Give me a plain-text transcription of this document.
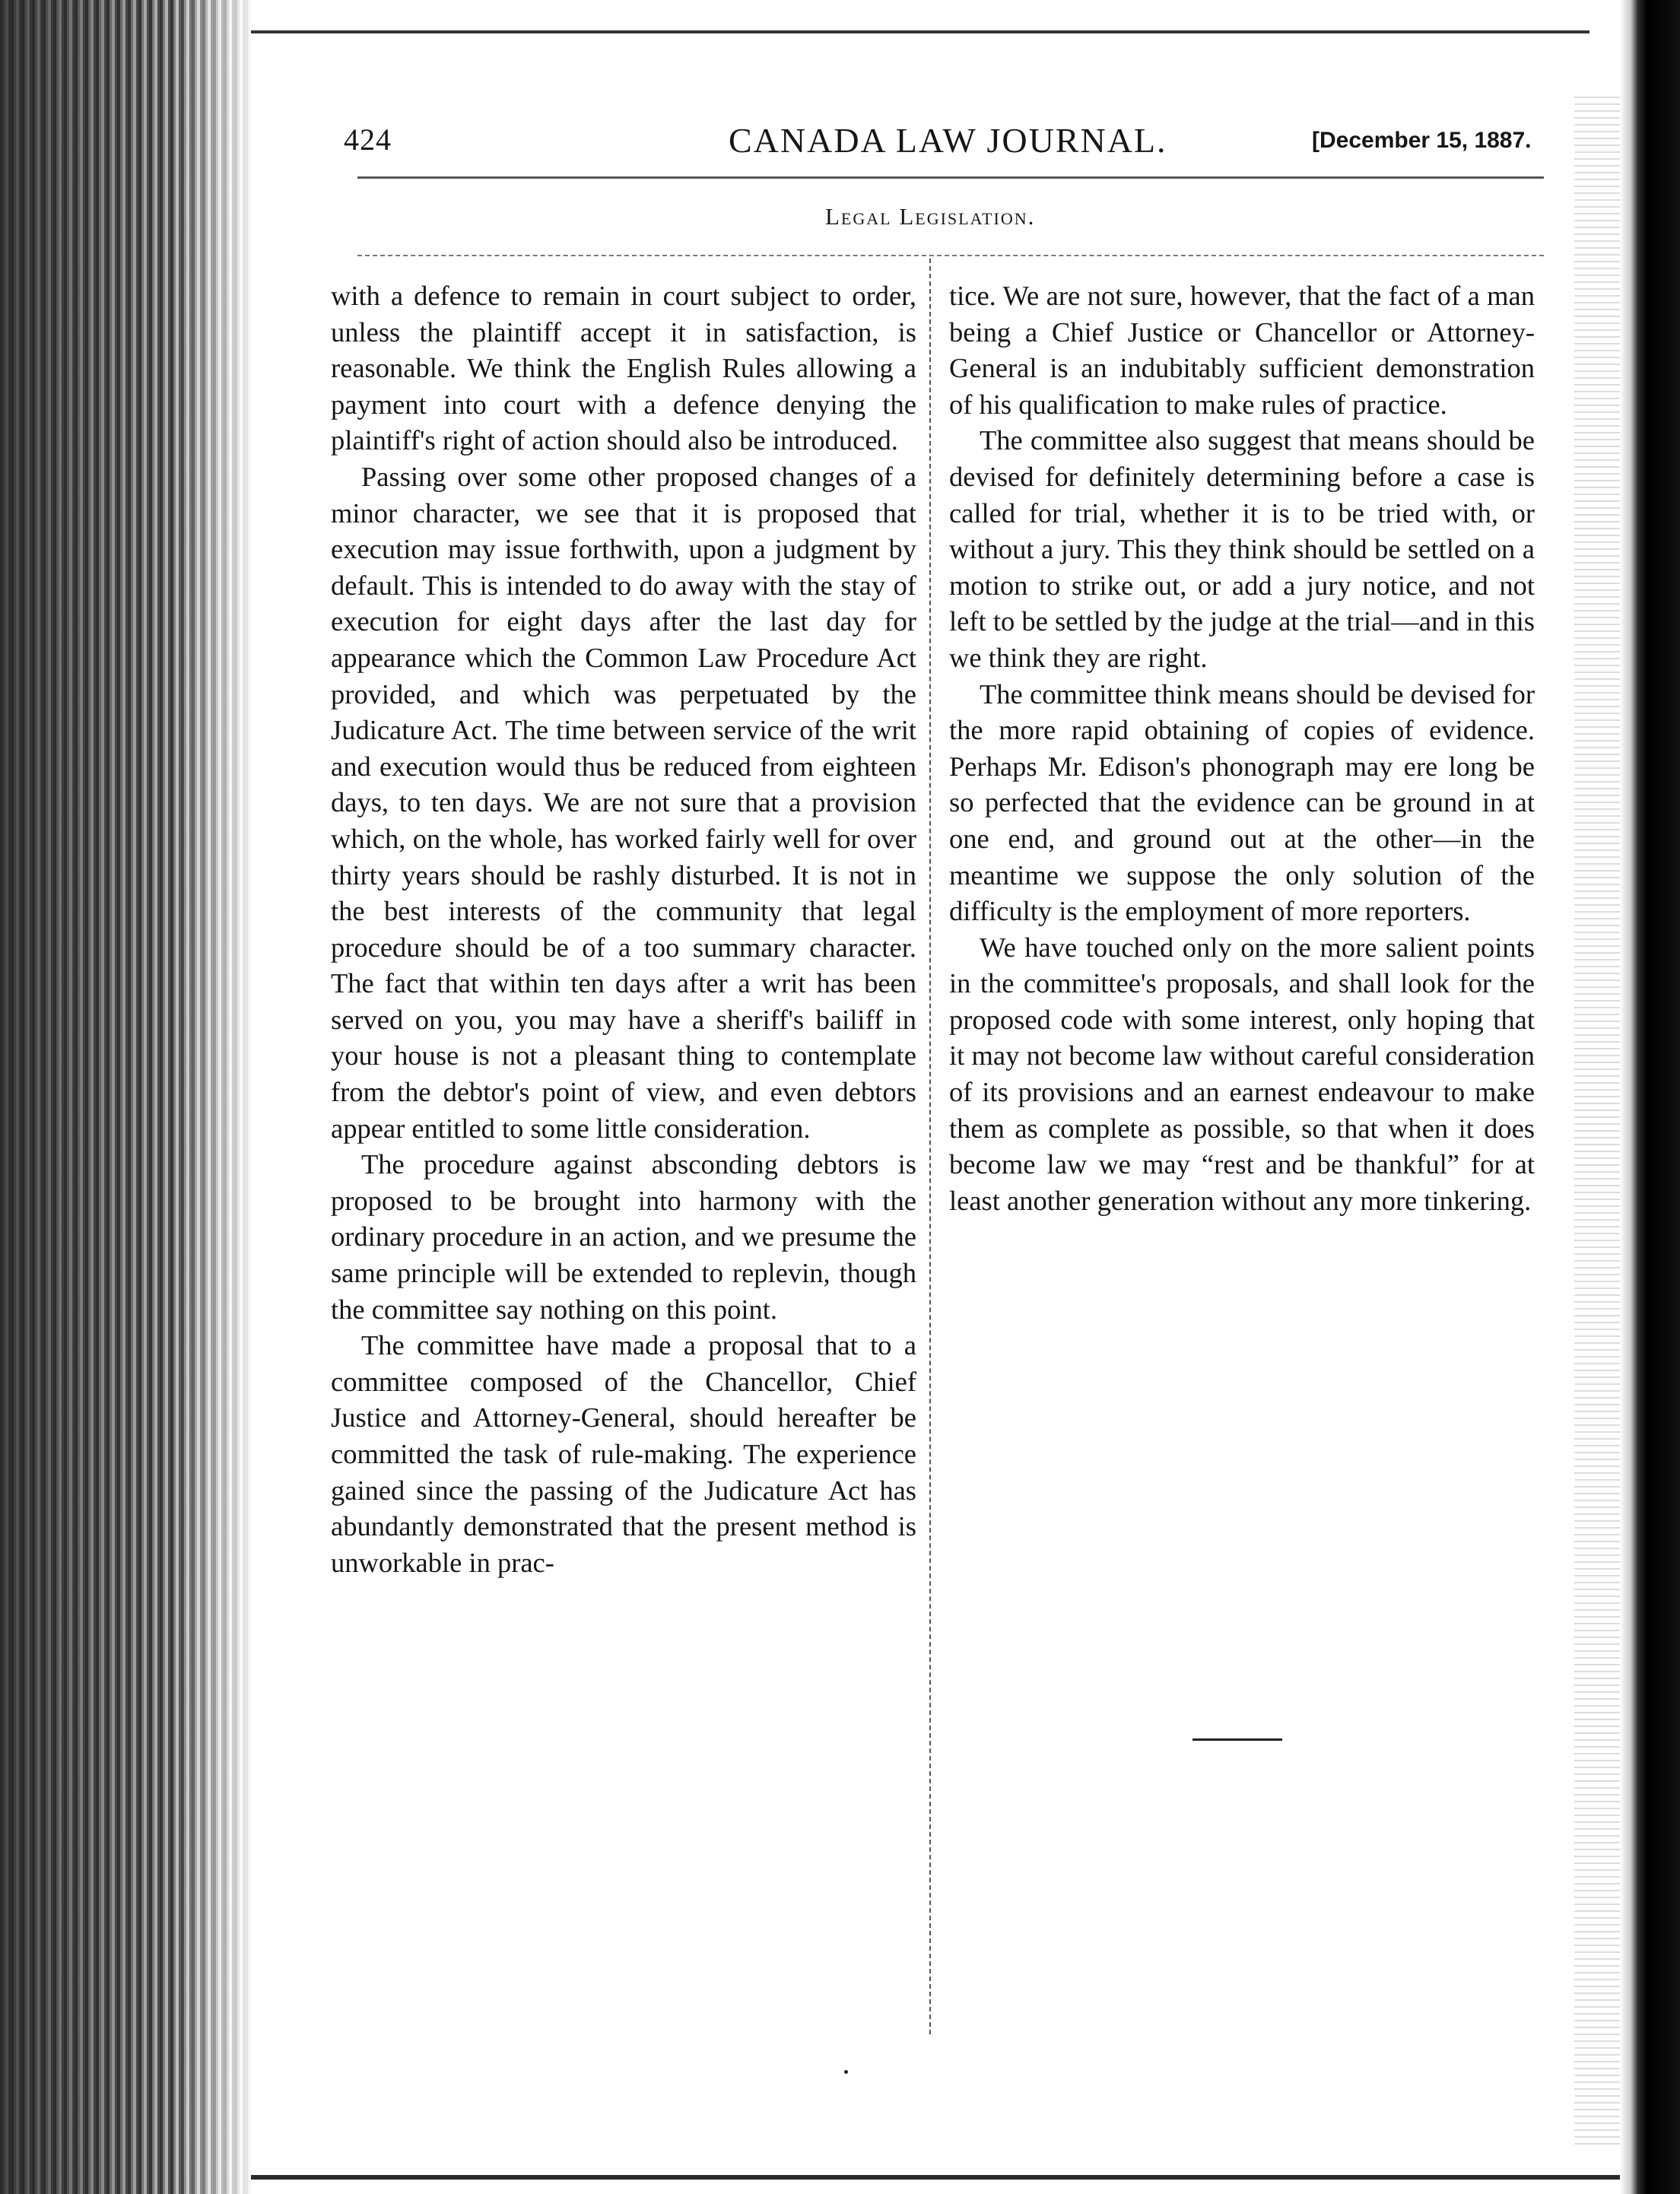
424	CANADA LAW JOURNAL.	[December 15, 1887.
Legal Legislation.

with a defence to remain in court subject to order, unless the plaintiff accept it in satisfaction, is reasonable. We think the English Rules allowing a payment into court with a defence denying the plaintiff's right of action should also be introduced.

Passing over some other proposed changes of a minor character, we see that it is proposed that execution may issue forthwith, upon a judgment by default. This is intended to do away with the stay of execution for eight days after the last day for appearance which the Common Law Procedure Act provided, and which was perpetuated by the Judicature Act. The time between service of the writ and execution would thus be reduced from eighteen days, to ten days. We are not sure that a provision which, on the whole, has worked fairly well for over thirty years should be rashly disturbed. It is not in the best interests of the community that legal procedure should be of a too summary character. The fact that within ten days after a writ has been served on you, you may have a sheriff's bailiff in your house is not a pleasant thing to contemplate from the debtor's point of view, and even debtors appear entitled to some little consideration.

The procedure against absconding debtors is proposed to be brought into harmony with the ordinary procedure in an action, and we presume the same principle will be extended to replevin, though the committee say nothing on this point.

The committee have made a proposal that to a committee composed of the Chancellor, Chief Justice and Attorney-General, should hereafter be committed the task of rule-making. The experience gained since the passing of the Judicature Act has abundantly demonstrated that the present method is unworkable in prac-

tice. We are not sure, however, that the fact of a man being a Chief Justice or Chancellor or Attorney-General is an indubitably sufficient demonstration of his qualification to make rules of practice.

The committee also suggest that means should be devised for definitely determining before a case is called for trial, whether it is to be tried with, or without a jury. This they think should be settled on a motion to strike out, or add a jury notice, and not left to be settled by the judge at the trial—and in this we think they are right.

The committee think means should be devised for the more rapid obtaining of copies of evidence. Perhaps Mr. Edison's phonograph may ere long be so perfected that the evidence can be ground in at one end, and ground out at the other—in the meantime we suppose the only solution of the difficulty is the employment of more reporters.

We have touched only on the more salient points in the committee's proposals, and shall look for the proposed code with some interest, only hoping that it may not become law without careful consideration of its provisions and an earnest endeavour to make them as complete as possible, so that when it does become law we may “rest and be thankful” for at least another generation without any more tinkering.
